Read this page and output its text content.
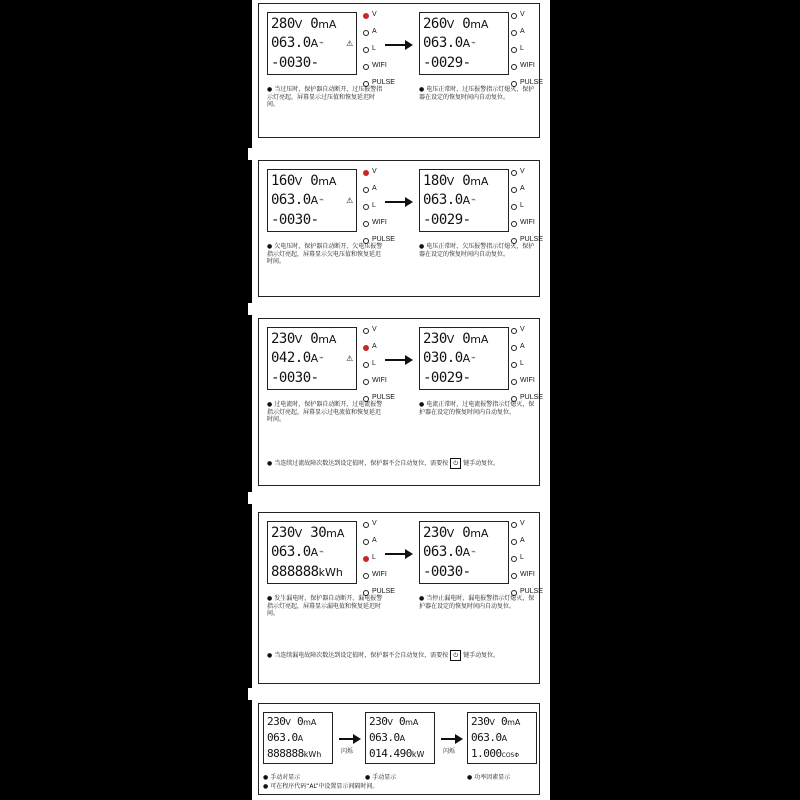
280V 0mA
063.0A⌁
-0030-
⚠
V
A
L
WIFI
PULSE
260V 0mA
063.0A⌁
-0029-
V
A
L
WIFI
PULSE
● 当过压时，保护器自动断开，过压报警指示灯亮起，屏幕显示过压值和恢复延迟时间。
● 电压正常时，过压报警指示灯熄灭，保护器在设定的恢复时间内自动复位。
160V 0mA
063.0A⌁
-0030-
⚠
V
A
L
WIFI
PULSE
180V 0mA
063.0A⌁
-0029-
V
A
L
WIFI
PULSE
● 欠电压时，保护器自动断开，欠电压报警指示灯亮起，屏幕显示欠电压值和恢复延迟时间。
● 电压正常时，欠压报警指示灯熄灭，保护器在设定的恢复时间内自动复位。
230V 0mA
042.0A⌁
-0030-
⚠
V
A
L
WIFI
PULSE
230V 0mA
030.0A⌁
-0029-
V
A
L
WIFI
PULSE
● 过电流时，保护器自动断开，过电流报警指示灯亮起，屏幕显示过电流值和恢复延迟时间。
● 电流正常时，过电流报警指示灯熄灭，保护器在设定的恢复时间内自动复位。
● 当连续过流故障次数达到设定值时，保护器不会自动复位，需要按 ⏻ 键手动复位。
230V 30mA
063.0A⌁
888888kWh
V
A
L
WIFI
PULSE
230V 0mA
063.0A⌁
-0030-
V
A
L
WIFI
PULSE
● 发生漏电时，保护器自动断开，漏电报警指示灯亮起，屏幕显示漏电值和恢复延迟时间。
● 当停止漏电时，漏电报警指示灯熄灭，保护器在设定的恢复时间内自动复位。
● 当连续漏电故障次数达到设定值时，保护器不会自动复位，需要按 ⏻ 键手动复位。
230V 0mA
063.0A
888888kWh	闪烁
230V 0mA
063.0A
014.490kW	闪烁
230V 0mA
063.0A
1.000COSΦ
● 手动对显示	● 手动显示	● 功率因素显示
● 可在程序代码“AL”中设置显示间隔时间。
